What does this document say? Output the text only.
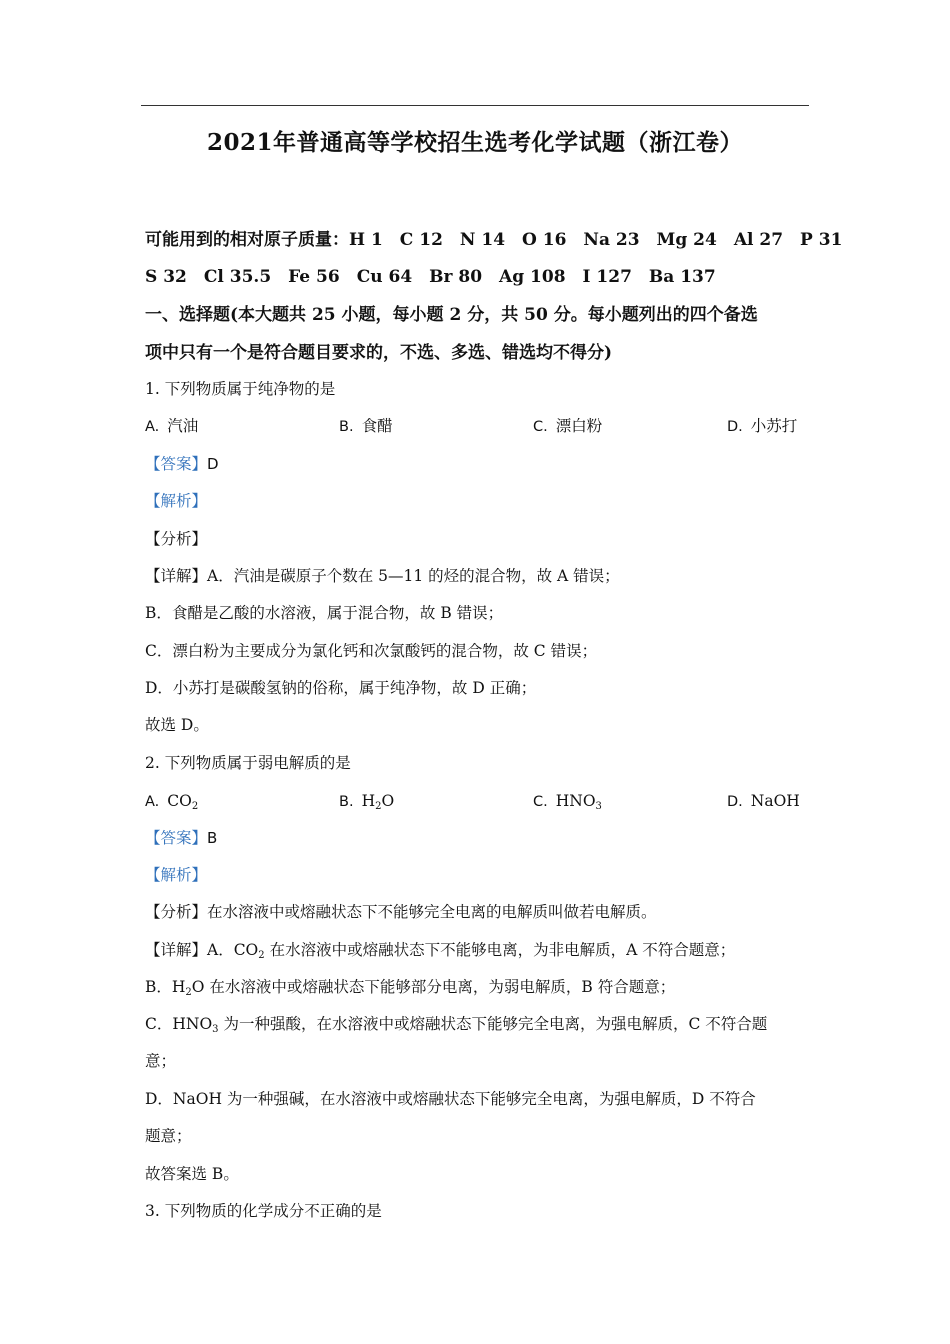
2021年普通高等学校招生选考化学试题（浙江卷）
可能用到的相对原子质量：H 1　C 12　N 14　O 16　Na 23　Mg 24　Al 27　P 31
S 32　Cl 35.5　Fe 56　Cu 64　Br 80　Ag 108　I 127　Ba 137
一、选择题(本大题共 25 小题，每小题 2 分，共 50 分。每小题列出的四个备选
项中只有一个是符合题目要求的，不选、多选、错选均不得分)
1. 下列物质属于纯净物的是
A. 汽油	B. 食醋	C. 漂白粉	D. 小苏打
【答案】D
【解析】
【分析】
【详解】A．汽油是碳原子个数在 5—11 的烃的混合物，故 A 错误；
B．食醋是乙酸的水溶液，属于混合物，故 B 错误；
C．漂白粉为主要成分为氯化钙和次氯酸钙的混合物，故 C 错误；
D．小苏打是碳酸氢钠的俗称，属于纯净物，故 D 正确；
故选 D。
2. 下列物质属于弱电解质的是
A. $CO_2$	B. $H_2O$	C. $HNO_3$	D. NaOH
【答案】B
【解析】
【分析】在水溶液中或熔融状态下不能够完全电离的电解质叫做若电解质。
【详解】A．$CO_2$ 在水溶液中或熔融状态下不能够电离，为非电解质，A 不符合题意；
B．$H_2O$ 在水溶液中或熔融状态下能够部分电离，为弱电解质，B 符合题意；
C．$HNO_3$ 为一种强酸，在水溶液中或熔融状态下能够完全电离，为强电解质，C 不符合题
意；
D．NaOH 为一种强碱，在水溶液中或熔融状态下能够完全电离，为强电解质，D 不符合
题意；
故答案选 B。
3. 下列物质的化学成分不正确的是
